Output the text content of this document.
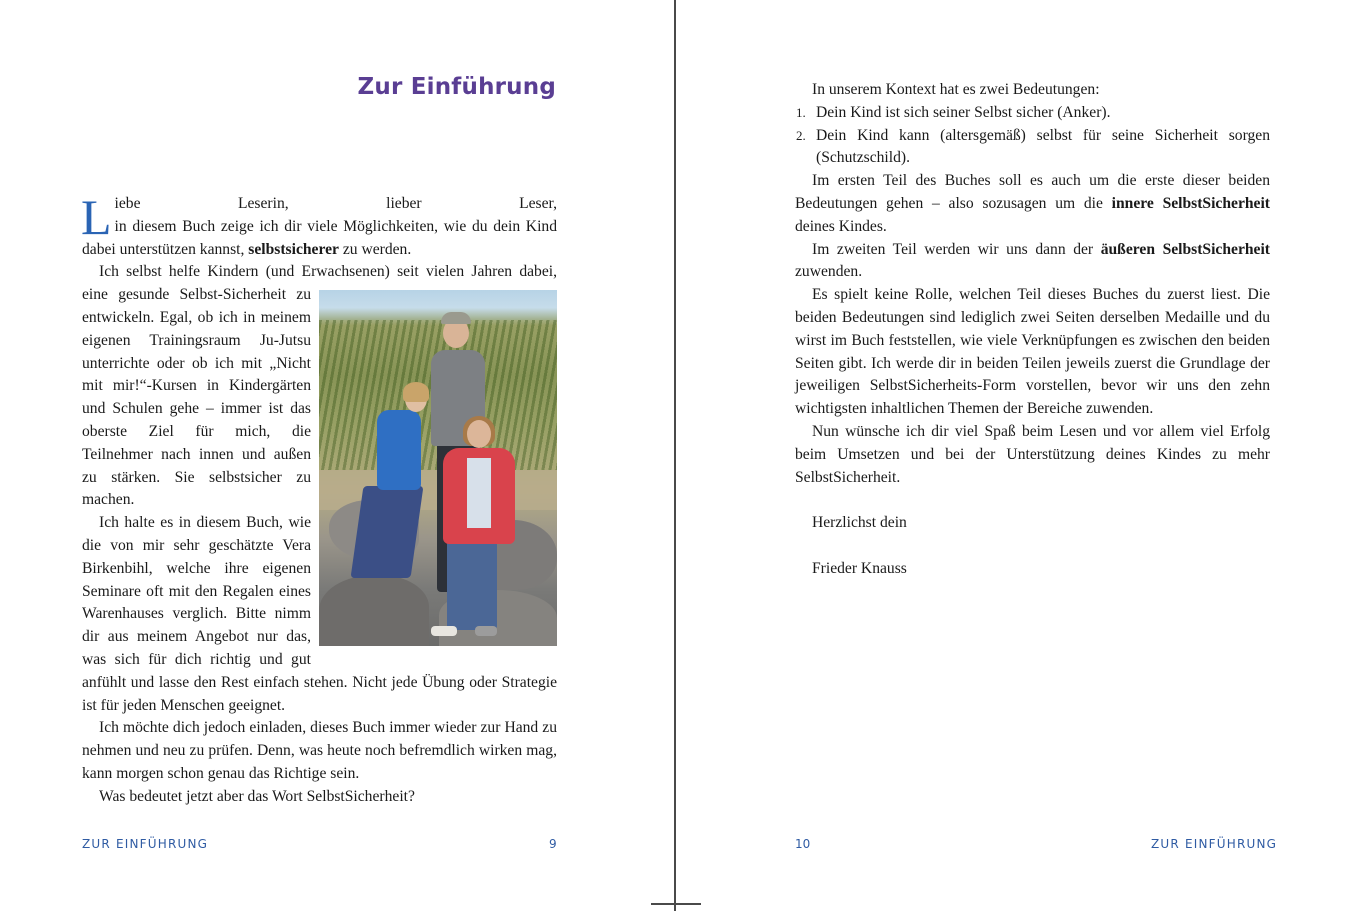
Zur Einführung

Liebe Leserin, lieber Leser,
in diesem Buch zeige ich dir viele Möglichkeiten, wie du dein Kind

dabei unterstützen kannst, selbstsicherer zu werden.

Ich selbst helfe Kindern (und Erwachsenen) seit vielen Jahren dabei,

eine gesunde Selbst-Sicherheit zu entwickeln. Egal, ob ich in meinem eigenen Trainingsraum Ju-Jutsu unterrichte oder ob ich mit „Nicht mit mir!“-Kursen in Kindergärten und Schulen gehe – immer ist das oberste Ziel für mich, die Teilnehmer nach innen und außen zu stärken. Sie selbstsicher zu machen.

Ich halte es in diesem Buch, wie die von mir sehr geschätzte Vera Birkenbihl, welche ihre eigenen Seminare oft mit den Regalen eines Warenhauses verglich. Bitte nimm dir aus meinem Angebot nur das, was sich für dich richtig und gut anfühlt und lasse den Rest einfach stehen. Nicht jede Übung oder Strategie ist für jeden Menschen geeignet.

Ich möchte dich jedoch einladen, dieses Buch immer wieder zur Hand zu nehmen und neu zu prüfen. Denn, was heute noch befremdlich wirken mag, kann morgen schon genau das Richtige sein.

Was bedeutet jetzt aber das Wort SelbstSicherheit?

ZUR EINFÜHRUNG	9

In unserem Kontext hat es zwei Bedeutungen:

1. Dein Kind ist sich seiner Selbst sicher (Anker).
2. Dein Kind kann (altersgemäß) selbst für seine Sicherheit sorgen (Schutzschild).

Im ersten Teil des Buches soll es auch um die erste dieser beiden Bedeutungen gehen – also sozusagen um die innere SelbstSicherheit deines Kindes.

Im zweiten Teil werden wir uns dann der äußeren SelbstSicherheit zuwenden.

Es spielt keine Rolle, welchen Teil dieses Buches du zuerst liest. Die beiden Bedeutungen sind lediglich zwei Seiten derselben Medaille und du wirst im Buch feststellen, wie viele Verknüpfungen es zwischen den beiden Seiten gibt. Ich werde dir in beiden Teilen jeweils zuerst die Grundlage der jeweiligen SelbstSicherheits-Form vorstellen, bevor wir uns den zehn wichtigsten inhaltlichen Themen der Bereiche zuwenden.

Nun wünsche ich dir viel Spaß beim Lesen und vor allem viel Erfolg beim Umsetzen und bei der Unterstützung deines Kindes zu mehr SelbstSicherheit.

Herzlichst dein

Frieder Knauss

10	ZUR EINFÜHRUNG
